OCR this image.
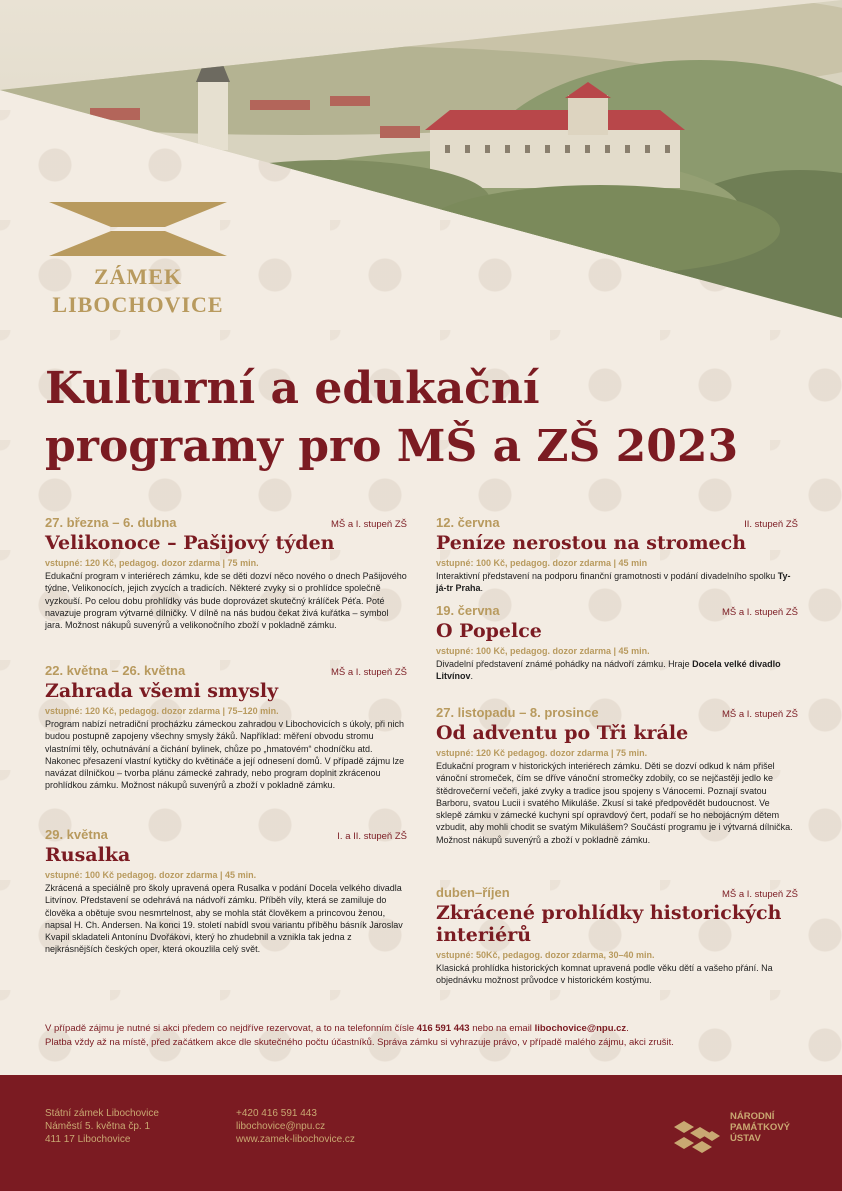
ZÁMEK
LIBOCHOVICE
Kulturní a edukační
programy pro MŠ a ZŠ 2023
27. března – 6. dubna	MŠ a I. stupeň ZŠ
Velikonoce – Pašijový týden
vstupné: 120 Kč, pedagog. dozor zdarma | 75 min.
Edukační program v interiérech zámku, kde se děti dozví něco nového o dnech Pašijového týdne, Velikonocích, jejich zvycích a tradicích. Některé zvyky si o prohlídce společně vyzkouší. Po celou dobu prohlídky vás bude doprovázet skutečný králíček Péťa. Poté navazuje program výtvarné dílničky. V dílně na nás budou čekat živá kuřátka – symbol jara. Možnost nákupů suvenýrů a velikonočního zboží v pokladně zámku.
22. května – 26. května	MŠ a I. stupeň ZŠ
Zahrada všemi smysly
vstupné: 120 Kč, pedagog. dozor zdarma | 75–120 min.
Program nabízí netradiční procházku zámeckou zahradou v Libochovicích s úkoly, při nich budou postupně zapojeny všechny smysly žáků. Například: měření obvodu stromu vlastními těly, ochutnávání a čichání bylinek, chůze po „hmatovém“ chodníčku atd. Nakonec přesazení vlastní kytičky do květináče a její odnesení domů. V případě zájmu lze navázat dílničkou – tvorba plánu zámecké zahrady, nebo program doplnit zkrácenou prohlídkou zámku. Možnost nákupů suvenýrů a zboží v pokladně zámku.
29. května	I. a II. stupeň ZŠ
Rusalka
vstupné: 100 Kč pedagog. dozor zdarma | 45 min.
Zkrácená a speciálně pro školy upravená opera Rusalka v podání Docela velkého divadla Litvínov. Představení se odehrává na nádvoří zámku. Příběh víly, která se zamiluje do člověka a obětuje svou nesmrtelnost, aby se mohla stát člověkem a princovou ženou, napsal H. Ch. Andersen. Na konci 19. století nabídl svou variantu příběhu básník Jaroslav Kvapil skladateli Antonínu Dvořákovi, který ho zhudebnil a vznikla tak jedna z nejkrásnějších českých oper, která okouzlila celý svět.
12. června	II. stupeň ZŠ
Peníze nerostou na stromech
vstupné: 100 Kč, pedagog. dozor zdarma | 45 min
Interaktivní představení na podporu finanční gramotnosti v podání divadelního spolku Ty-já-tr Praha.
19. června	MŠ a I. stupeň ZŠ
O Popelce
vstupné: 100 Kč, pedagog. dozor zdarma | 45 min.
Divadelní představení známé pohádky na nádvoří zámku. Hraje Docela velké divadlo Litvínov.
27. listopadu – 8. prosince	MŠ a I. stupeň ZŠ
Od adventu po Tři krále
vstupné: 120 Kč pedagog. dozor zdarma | 75 min.
Edukační program v historických interiérech zámku. Děti se dozví odkud k nám přišel vánoční stromeček, čím se dříve vánoční stromečky zdobily, co se nejčastěji jedlo ke štědrovečerní večeři, jaké zvyky a tradice jsou spojeny s Vánocemi. Poznají svatou Barboru, svatou Lucii i svatého Mikuláše. Zkusí si také předpovědět budoucnost. Ve sklepě zámku v zámecké kuchyni spí opravdový čert, podaří se ho nebojácným dětem vzbudit, aby mohli chodit se svatým Mikulášem? Součástí programu je i výtvarná dílnička. Možnost nákupů suvenýrů a zboží v pokladně zámku.
duben–říjen	MŠ a I. stupeň ZŠ
Zkrácené prohlídky historických interiérů
vstupné: 50Kč, pedagog. dozor zdarma, 30–40 min.
Klasická prohlídka historických komnat upravená podle věku dětí a vašeho přání. Na objednávku možnost průvodce v historickém kostýmu.
V případě zájmu je nutné si akci předem co nejdříve rezervovat, a to na telefonním čísle 416 591 443 nebo na email libochovice@npu.cz.
Platba vždy až na místě, před začátkem akce dle skutečného počtu účastníků. Správa zámku si vyhrazuje právo, v případě malého zájmu, akci zrušit.
Státní zámek Libochovice
Náměstí 5. května čp. 1
411 17 Libochovice
+420 416 591 443
libochovice@npu.cz
www.zamek-libochovice.cz
NÁRODNÍ
PAMÁTKOVÝ
ÚSTAV
